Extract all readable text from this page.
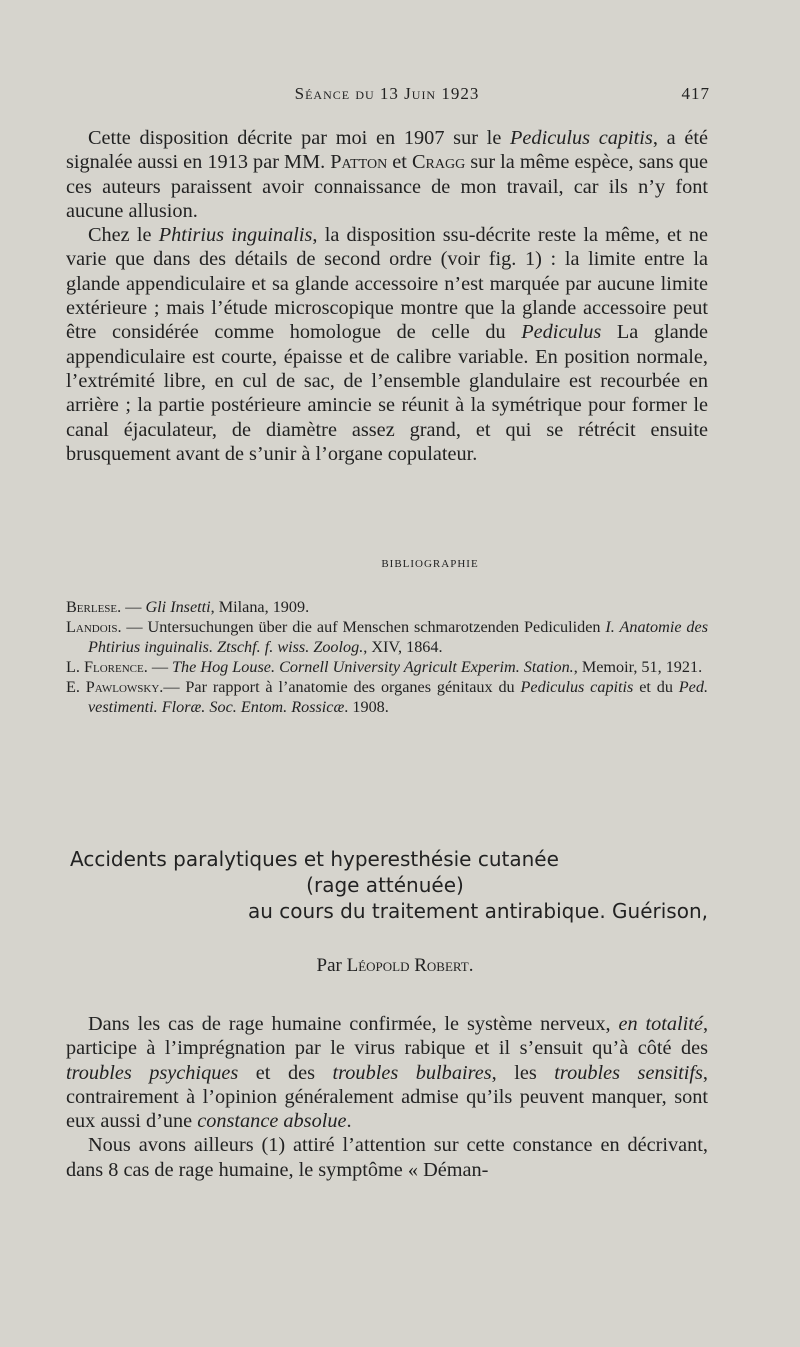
Séance du 13 Juin 1923	417

Cette disposition décrite par moi en 1907 sur le Pediculus capitis, a été signalée aussi en 1913 par MM. Patton et Cragg sur la même espèce, sans que ces auteurs paraissent avoir connaissance de mon travail, car ils n’y font aucune allusion.

Chez le Phtirius inguinalis, la disposition ssu-décrite reste la même, et ne varie que dans des détails de second ordre (voir fig. 1) : la limite entre la glande appendiculaire et sa glande accessoire n’est marquée par aucune limite extérieure ; mais l’étude microscopique montre que la glande accessoire peut être considérée comme homologue de celle du Pediculus La glande appendiculaire est courte, épaisse et de calibre variable. En position normale, l’extrémité libre, en cul de sac, de l’ensemble glandulaire est recourbée en arrière ; la partie postérieure amincie se réunit à la symétrique pour former le canal éjaculateur, de diamètre assez grand, et qui se rétrécit ensuite brusquement avant de s’unir à l’organe copulateur.

BIBLIOGRAPHIE

Berlese. — Gli Insetti, Milana, 1909.

Landois. — Untersuchungen über die auf Menschen schmarotzenden Pediculiden I. Anatomie des Phtirius inguinalis. Ztschf. f. wiss. Zoolog., XIV, 1864.

L. Florence. — The Hog Louse. Cornell University Agricult Experim. Station., Memoir, 51, 1921.

E. Pawlowsky.— Par rapport à l’anatomie des organes génitaux du Pediculus capitis et du Ped. vestimenti. Floræ. Soc. Entom. Rossicæ. 1908.

Accidents paralytiques et hyperesthésie cutanée
(rage atténuée)
au cours du traitement antirabique. Guérison,
Par Léopold Robert.

Dans les cas de rage humaine confirmée, le système nerveux, en totalité, participe à l’imprégnation par le virus rabique et il s’ensuit qu’à côté des troubles psychiques et des troubles bulbaires, les troubles sensitifs, contrairement à l’opinion généralement admise qu’ils peuvent manquer, sont eux aussi d’une constance absolue.

Nous avons ailleurs (1) attiré l’attention sur cette constance en décrivant, dans 8 cas de rage humaine, le symptôme « Déman-
